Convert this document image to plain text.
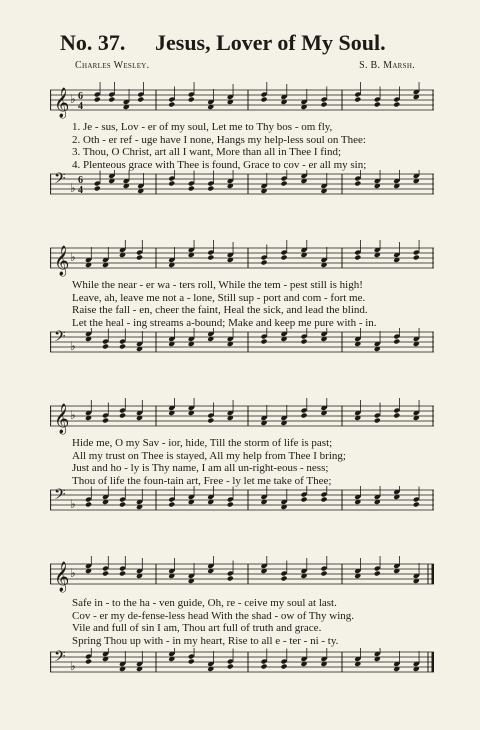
No. 37. Jesus, Lover of My Soul.
Charles Wesley.	S. B. Marsh.
𝄞 ♭ 6
4
1. Je - sus, Lov - er of my soul, Let me to Thy bos - om fly,
2. Oth - er ref - uge have I none, Hangs my help-less soul on Thee:
3. Thou, O Christ, art all I want, More than all in Thee I find;
4. Plenteous grace with Thee is found, Grace to cov - er all my sin;
𝄢 ♭
6
4
𝄞 ♭
While the near - er wa - ters roll, While the tem - pest still is high!
Leave, ah, leave me not a - lone, Still sup - port and com - fort me.
Raise the fall - en, cheer the faint, Heal the sick, and lead the blind.
Let the heal - ing streams a-bound; Make and keep me pure with - in.
𝄢 ♭
𝄞 ♭
Hide me, O my Sav - ior, hide, Till the storm of life is past;
All my trust on Thee is stayed, All my help from Thee I bring;
Just and ho - ly is Thy name, I am all un-right-eous - ness;
Thou of life the foun-tain art, Free - ly let me take of Thee;
𝄢 ♭
𝄞 ♭
Safe in - to the ha - ven guide, Oh, re - ceive my soul at last.
Cov - er my de-fense-less head With the shad - ow of Thy wing.
Vile and full of sin I am, Thou art full of truth and grace.
Spring Thou up with - in my heart, Rise to all e - ter - ni - ty.
𝄢 ♭
